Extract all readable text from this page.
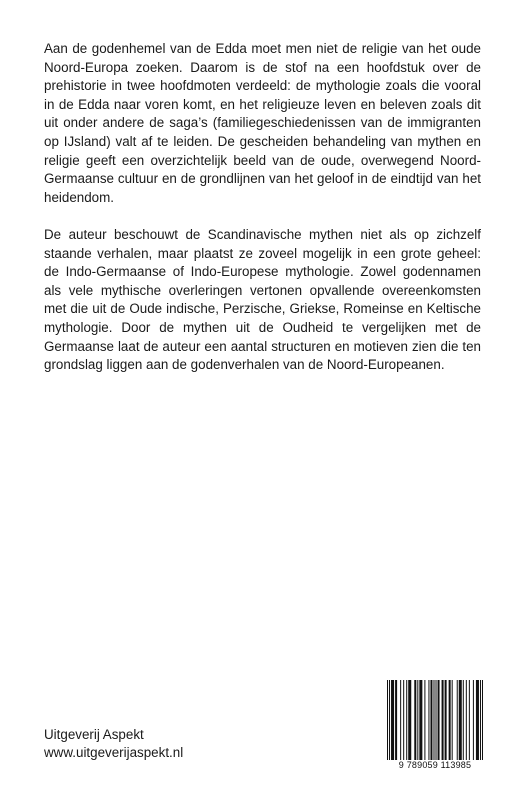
Aan de godenhemel van de Edda moet men niet de religie van het oude Noord-Europa zoeken. Daarom is de stof na een hoofdstuk over de prehistorie in twee hoofdmoten verdeeld: de mythologie zoals die vooral in de Edda naar voren komt, en het religieuze leven en beleven zoals dit uit onder andere de saga’s (familiegeschiedenissen van de immigranten op IJsland) valt af te leiden. De gescheiden behandeling van mythen en religie geeft een overzichtelijk beeld van de oude, overwegend Noord-Germaanse cultuur en de grondlijnen van het geloof in de eindtijd van het heidendom.

De auteur beschouwt de Scandinavische mythen niet als op zichzelf staande verhalen, maar plaatst ze zoveel mogelijk in een grote geheel: de Indo-Germaanse of Indo-Europese mythologie. Zowel godennamen als vele mythische overleringen vertonen opvallende overeenkomsten met die uit de Oude indische, Perzische, Griekse, Romeinse en Keltische mythologie. Door de mythen uit de Oudheid te vergelijken met de Germaanse laat de auteur een aantal structuren en motieven zien die ten grondslag liggen aan de godenverhalen van de Noord-Europeanen.

Uitgeverij Aspekt
www.uitgeverijaspekt.nl
9 789059 113985
